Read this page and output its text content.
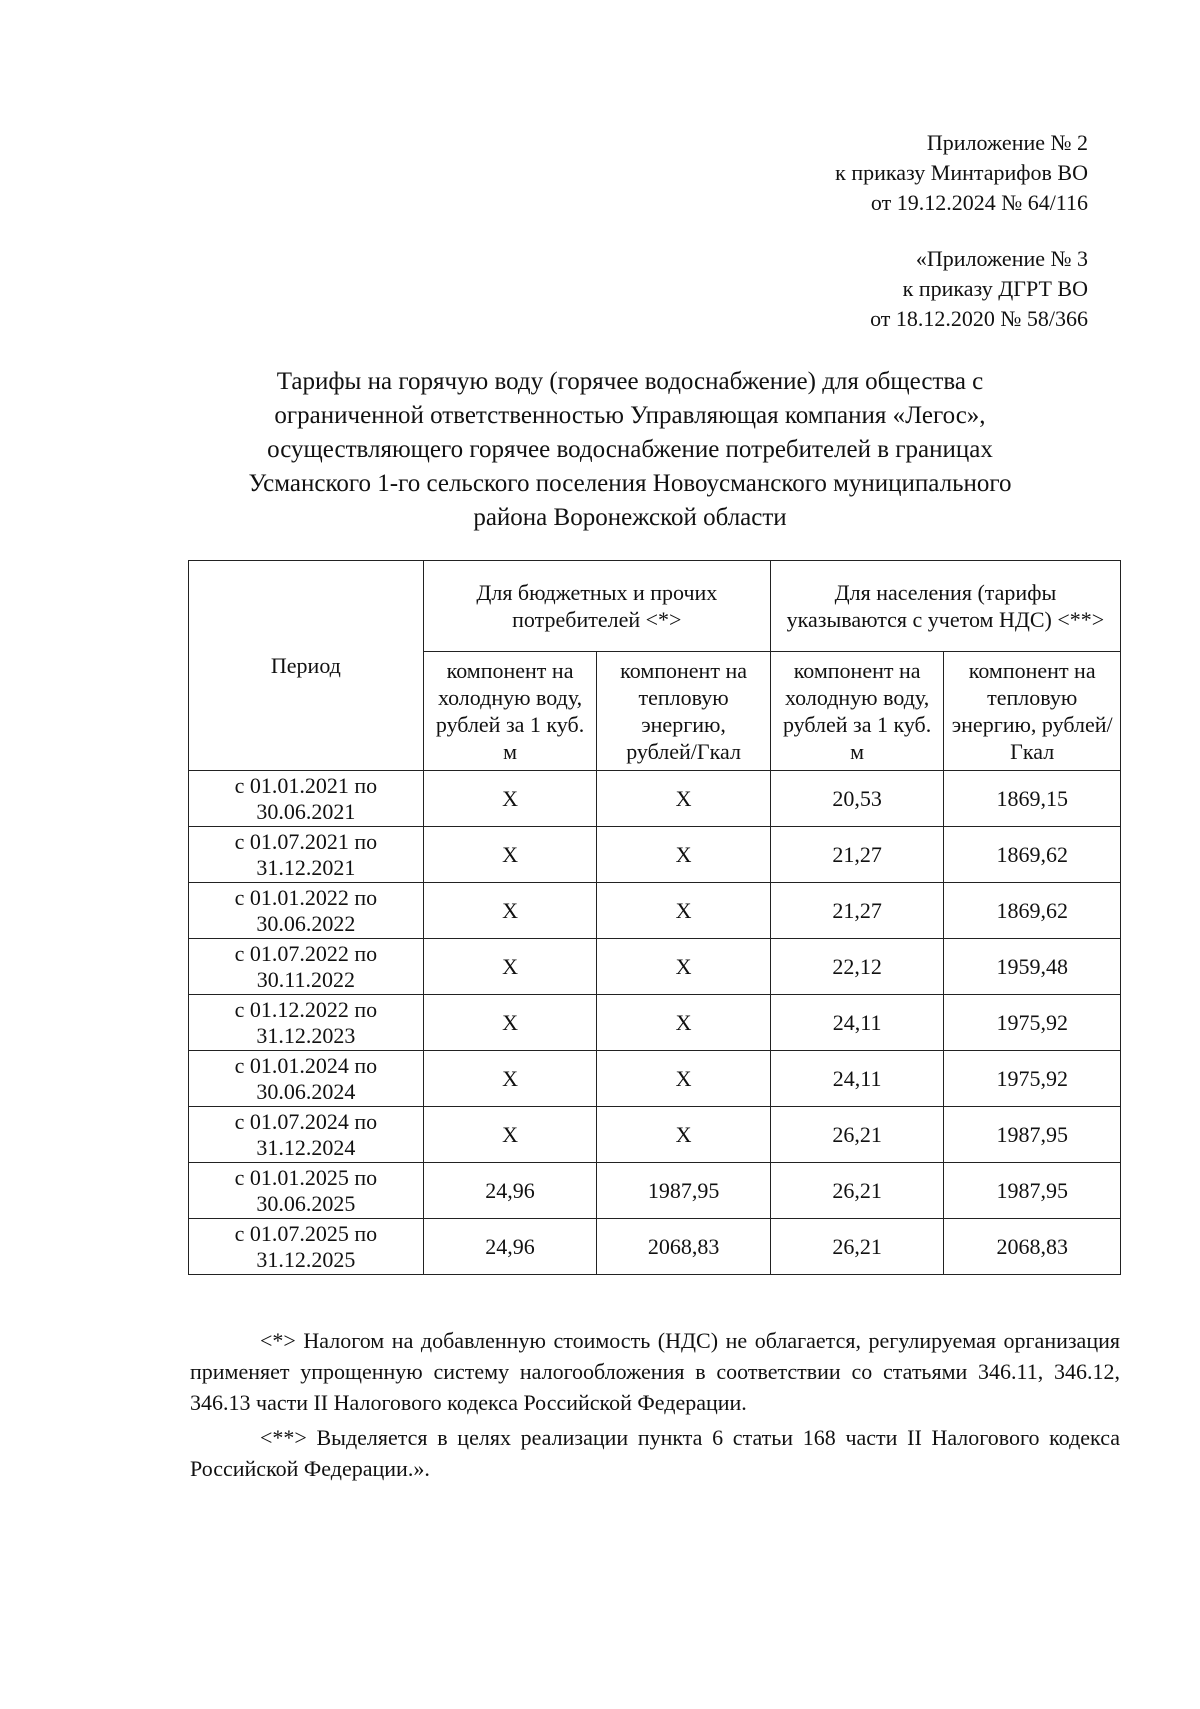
Приложение № 2
к приказу Минтарифов ВО
от 19.12.2024 № 64/116
«Приложение № 3
к приказу ДГРТ ВО
от 18.12.2020 № 58/366
Тарифы на горячую воду (горячее водоснабжение) для общества с
ограниченной ответственностью Управляющая компания «Легос»,
осуществляющего горячее водоснабжение потребителей в границах
Усманского 1-го сельского поселения Новоусманского муниципального
района Воронежской области
Период	Для бюджетных и прочих потребителей <*>		Для населения (тарифы указываются с учетом НДС) <**>	
	компонент на холодную воду, рублей за 1 куб. м	компонент на тепловую энергию, рублей/Гкал	компонент на холодную воду, рублей за 1 куб. м	компонент на тепловую энергию, рублей/Гкал
с 01.01.2021 по 30.06.2021	Х	Х	20,53	1869,15
с 01.07.2021 по 31.12.2021	Х	Х	21,27	1869,62
с 01.01.2022 по 30.06.2022	Х	Х	21,27	1869,62
с 01.07.2022 по 30.11.2022	Х	Х	22,12	1959,48
с 01.12.2022 по 31.12.2023	Х	Х	24,11	1975,92
с 01.01.2024 по 30.06.2024	Х	Х	24,11	1975,92
с 01.07.2024 по 31.12.2024	Х	Х	26,21	1987,95
с 01.01.2025 по 30.06.2025	24,96	1987,95	26,21	1987,95
с 01.07.2025 по 31.12.2025	24,96	2068,83	26,21	2068,83

<*> Налогом на добавленную стоимость (НДС) не облагается, регулируемая организация применяет упрощенную систему налогообложения в соответствии со статьями 346.11, 346.12, 346.13 части II Налогового кодекса Российской Федерации.

<**> Выделяется в целях реализации пункта 6 статьи 168 части II Налогового кодекса Российской Федерации.».
